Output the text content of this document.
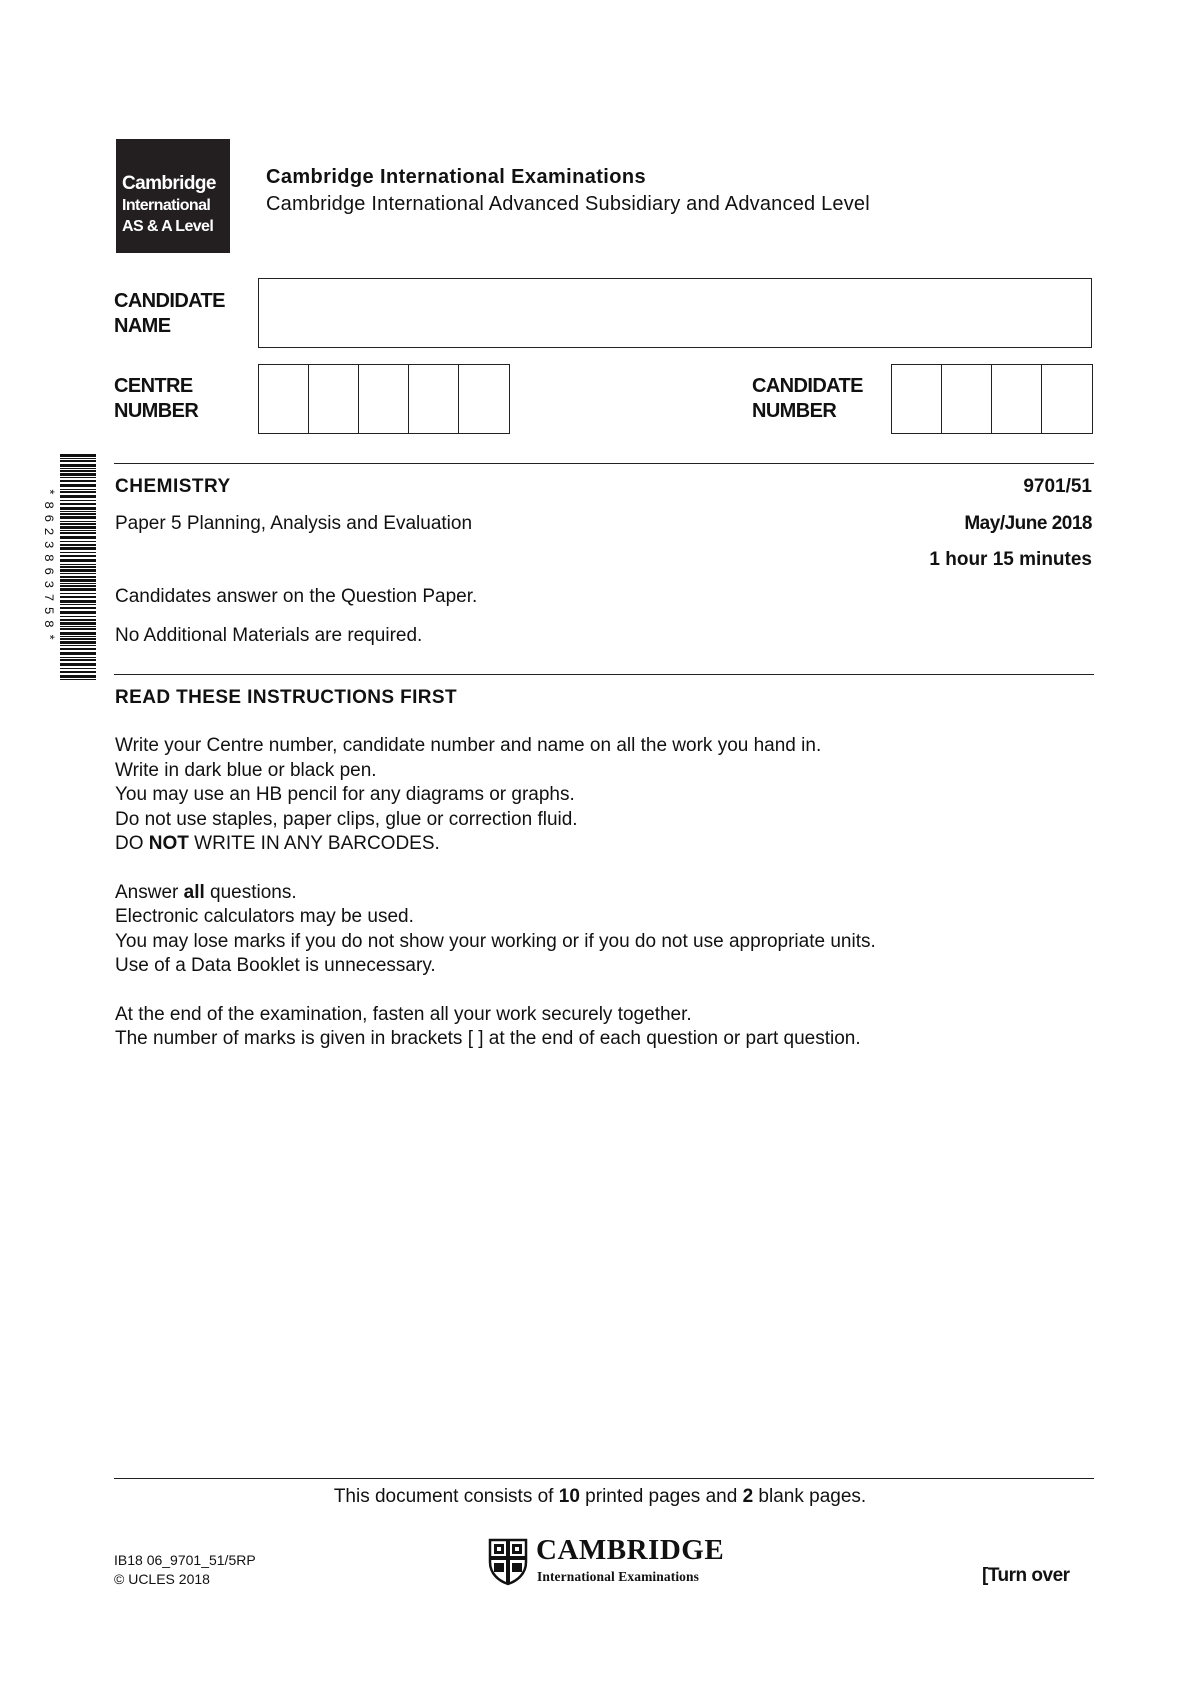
Cambridge
International
AS & A Level
Cambridge International Examinations
Cambridge International Advanced Subsidiary and Advanced Level
CANDIDATE
NAME
CENTRE
NUMBER
CANDIDATE
NUMBER
*8623863758*
CHEMISTRY	9701/51
Paper 5 Planning, Analysis and Evaluation	May/June 2018
1 hour 15 minutes
Candidates answer on the Question Paper.
No Additional Materials are required.
READ THESE INSTRUCTIONS FIRST
Write your Centre number, candidate number and name on all the work you hand in.
Write in dark blue or black pen.
You may use an HB pencil for any diagrams or graphs.
Do not use staples, paper clips, glue or correction fluid.
DO NOT WRITE IN ANY BARCODES.
Answer all questions.
Electronic calculators may be used.
You may lose marks if you do not show your working or if you do not use appropriate units.
Use of a Data Booklet is unnecessary.
At the end of the examination, fasten all your work securely together.
The number of marks is given in brackets [ ] at the end of each question or part question.
This document consists of 10 printed pages and 2 blank pages.
IB18 06_9701_51/5RP
© UCLES 2018
CAMBRIDGE
International Examinations	[Turn over
